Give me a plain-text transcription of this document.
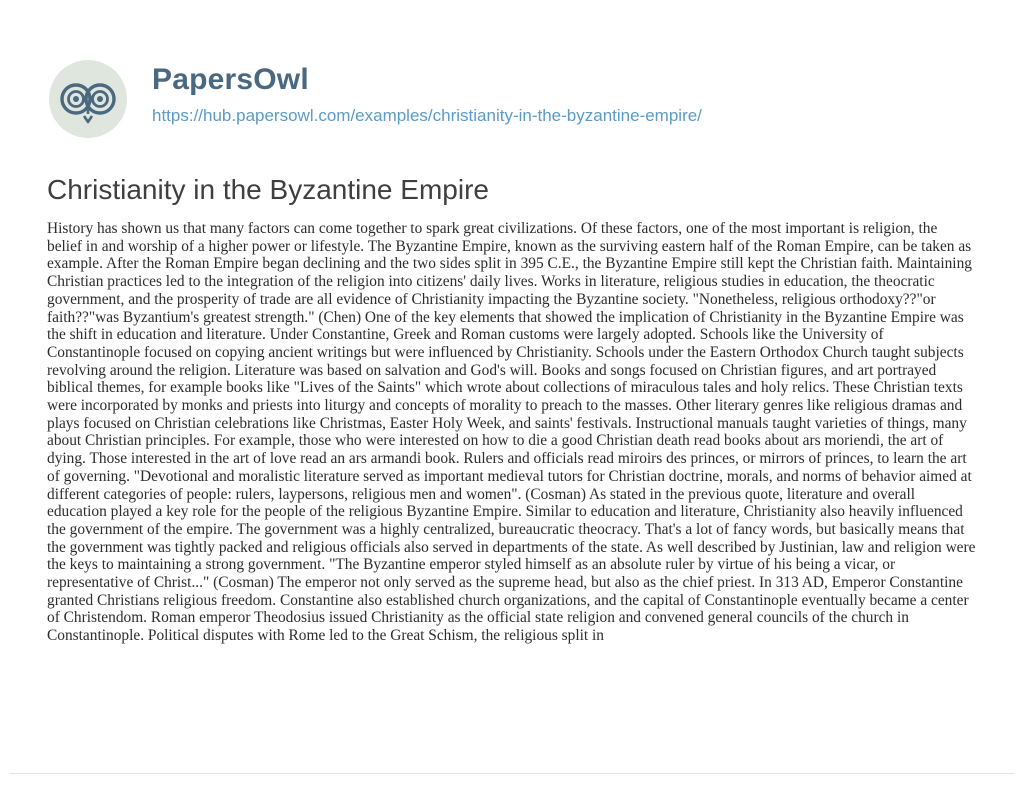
PapersOwl
https://hub.papersowl.com/examples/christianity-in-the-byzantine-empire/
Christianity in the Byzantine Empire

History has shown us that many factors can come together to spark great civilizations. Of these factors, one of the most important is religion, the belief in and worship of a higher power or lifestyle. The Byzantine Empire, known as the surviving eastern half of the Roman Empire, can be taken as example. After the Roman Empire began declining and the two sides split in 395 C.E., the Byzantine Empire still kept the Christian faith. Maintaining Christian practices led to the integration of the religion into citizens' daily lives. Works in literature, religious studies in education, the theocratic government, and the prosperity of trade are all evidence of Christianity impacting the Byzantine society. "Nonetheless, religious orthodoxy??"or faith??"was Byzantium's greatest strength." (Chen) One of the key elements that showed the implication of Christianity in the Byzantine Empire was the shift in education and literature. Under Constantine, Greek and Roman customs were largely adopted. Schools like the University of Constantinople focused on copying ancient writings but were influenced by Christianity. Schools under the Eastern Orthodox Church taught subjects revolving around the religion. Literature was based on salvation and God's will. Books and songs focused on Christian figures, and art portrayed biblical themes, for example books like "Lives of the Saints" which wrote about collections of miraculous tales and holy relics. These Christian texts were incorporated by monks and priests into liturgy and concepts of morality to preach to the masses. Other literary genres like religious dramas and plays focused on Christian celebrations like Christmas, Easter Holy Week, and saints' festivals. Instructional manuals taught varieties of things, many about Christian principles. For example, those who were interested on how to die a good Christian death read books about ars moriendi, the art of dying. Those interested in the art of love read an ars armandi book. Rulers and officials read miroirs des princes, or mirrors of princes, to learn the art of governing. "Devotional and moralistic literature served as important medieval tutors for Christian doctrine, morals, and norms of behavior aimed at different categories of people: rulers, laypersons, religious men and women". (Cosman) As stated in the previous quote, literature and overall education played a key role for the people of the religious Byzantine Empire. Similar to education and literature, Christianity also heavily influenced the government of the empire. The government was a highly centralized, bureaucratic theocracy. That's a lot of fancy words, but basically means that the government was tightly packed and religious officials also served in departments of the state. As well described by Justinian, law and religion were the keys to maintaining a strong government. "The Byzantine emperor styled himself as an absolute ruler by virtue of his being a vicar, or representative of Christ..." (Cosman) The emperor not only served as the supreme head, but also as the chief priest. In 313 AD, Emperor Constantine granted Christians religious freedom. Constantine also established church organizations, and the capital of Constantinople eventually became a center of Christendom. Roman emperor Theodosius issued Christianity as the official state religion and convened general councils of the church in Constantinople. Political disputes with Rome led to the Great Schism, the religious split in
